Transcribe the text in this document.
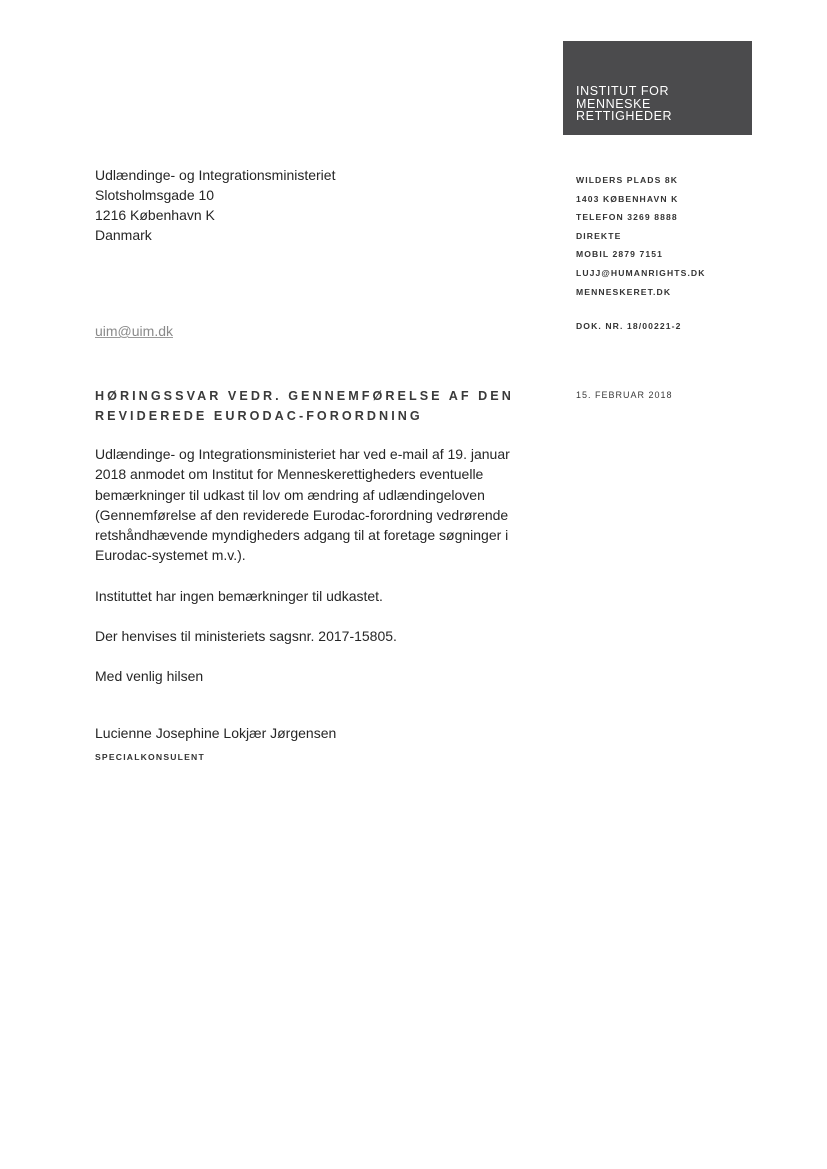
INSTITUT FOR
MENNESKE
RETTIGHEDER
Udlændinge- og Integrationsministeriet
Slotsholmsgade 10
1216 København K
Danmark
uim@uim.dk
WILDERS PLADS 8K
1403 KØBENHAVN K
TELEFON 3269 8888
DIREKTE
MOBIL 2879 7151
LUJJ@HUMANRIGHTS.DK
MENNESKERET.DK
DOK. NR. 18/00221-2
15. FEBRUAR 2018
HØRINGSSVAR VEDR. GENNEMFØRELSE AF DEN
REVIDEREDE EURODAC-FORORDNING
Udlændinge- og Integrationsministeriet har ved e-mail af 19. januar
2018 anmodet om Institut for Menneskerettigheders eventuelle
bemærkninger til udkast til lov om ændring af udlændingeloven
(Gennemførelse af den reviderede Eurodac-forordning vedrørende
retshåndhævende myndigheders adgang til at foretage søgninger i
Eurodac-systemet m.v.).
Instituttet har ingen bemærkninger til udkastet.
Der henvises til ministeriets sagsnr. 2017-15805.
Med venlig hilsen
Lucienne Josephine Lokjær Jørgensen
SPECIALKONSULENT
